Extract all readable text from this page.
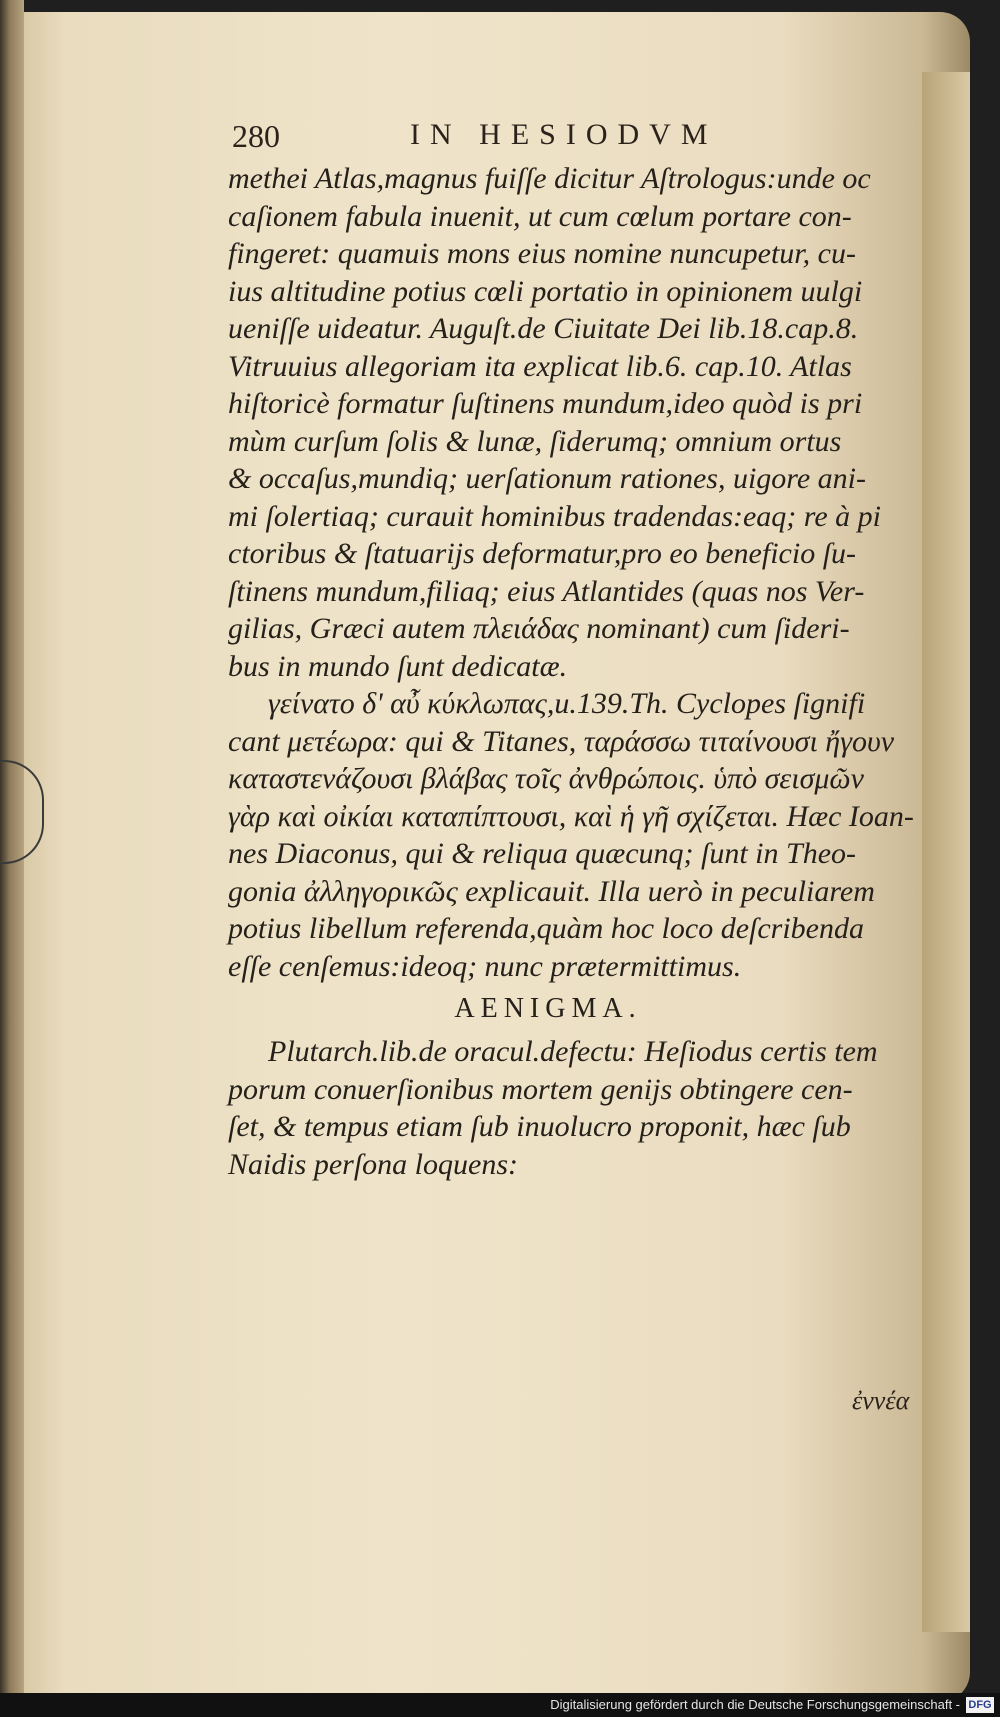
280	IN HESIODVM
methei Atlas,magnus fuiſſe dicitur Aſtrologus:unde oc
caſionem fabula inuenit, ut cum cœlum portare con-
fingeret: quamuis mons eius nomine nuncupetur, cu-
ius altitudine potius cœli portatio in opinionem uulgi
ueniſſe uideatur. Auguſt.de Ciuitate Dei lib.18.cap.8.
Vitruuius allegoriam ita explicat lib.6. cap.10. Atlas
hiſtoricè formatur ſuſtinens mundum,ideo quòd is pri
mùm curſum ſolis & lunæ, ſiderumq; omnium ortus
& occaſus,mundiq; uerſationum rationes, uigore ani-
mi ſolertiaq; curauit hominibus tradendas:eaq; re à pi
ctoribus & ſtatuarijs deformatur,pro eo beneficio ſu-
ſtinens mundum,filiaq; eius Atlantides (quas nos Ver-
gilias, Græci autem πλειάδας nominant) cum ſideri-
bus in mundo ſunt dedicatæ.
γείνατο δ' αὖ κύκλωπας,u.139.Th. Cyclopes ſignifi
cant μετέωρα: qui & Titanes, ταράσσω τιταίνουσι ἤγουν
καταστενάζουσι βλάβας τοῖς ἀνθρώποις. ὑπὸ σεισμῶν
γὰρ καὶ οἰκίαι καταπίπτουσι, καὶ ἡ γῆ σχίζεται. Hæc Ioan-
nes Diaconus, qui & reliqua quæcunq; ſunt in Theo-
gonia ἀλληγορικῶς explicauit. Illa uerò in peculiarem
potius libellum referenda,quàm hoc loco deſcribenda
eſſe cenſemus:ideoq; nunc prætermittimus.
AENIGMA.
Plutarch.lib.de oracul.defectu: Heſiodus certis tem
porum conuerſionibus mortem genijs obtingere cen-
ſet, & tempus etiam ſub inuolucro proponit, hæc ſub
Naidis perſona loquens:
ἐννέα
Digitalisierung gefördert durch die Deutsche Forschungsgemeinschaft - DFG
